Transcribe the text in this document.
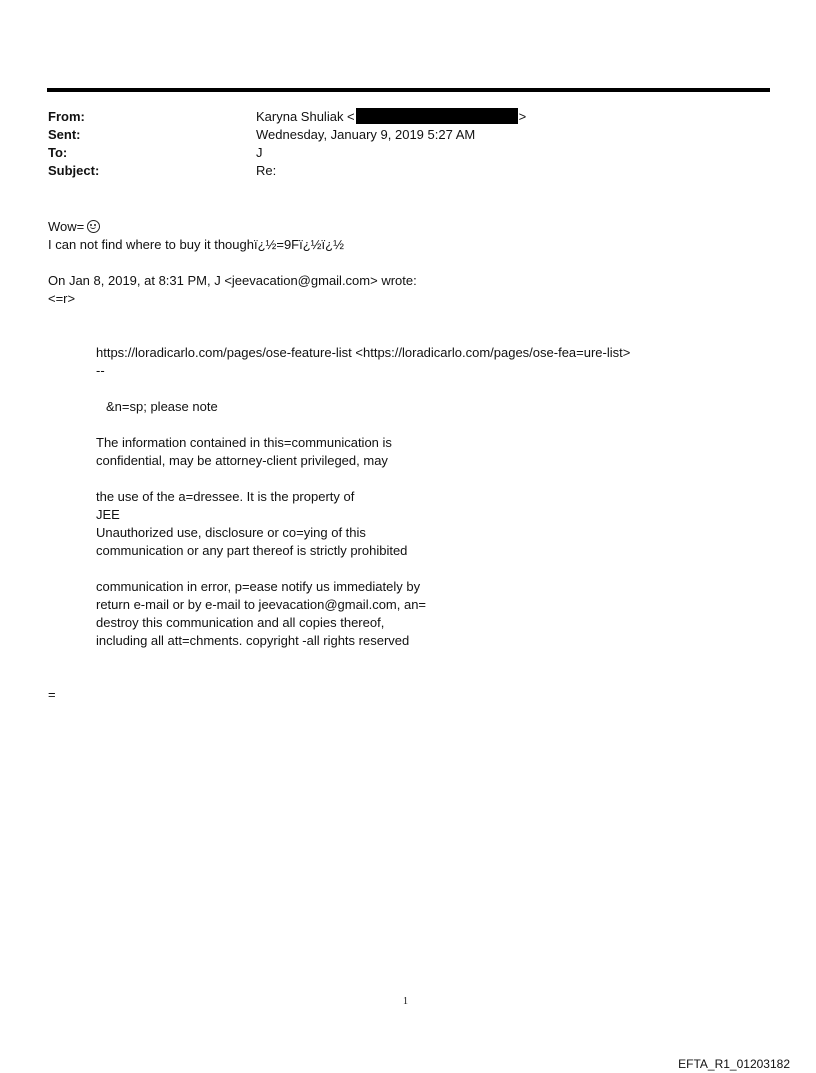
From:	Karyna Shuliak <	>
Sent:	Wednesday, January 9, 2019 5:27 AM
To:	J
Subject:	Re:
Wow=
I can not find where to buy it thoughï¿½=9Fï¿½ï¿½
On Jan 8, 2019, at 8:31 PM, J <jeevacation@gmail.com> wrote:
<=r>
https://loradicarlo.com/pages/ose-feature-list <https://loradicarlo.com/pages/ose-fea=ure-list>
--
&n=sp; please note
The information contained in this=communication is
confidential, may be attorney-client privileged, may
the use of the a=dressee. It is the property of
JEE
Unauthorized use, disclosure or co=ying of this
communication or any part thereof is strictly prohibited
communication in error, p=ease notify us immediately by
return e-mail or by e-mail to jeevacation@gmail.com, an=
destroy this communication and all copies thereof,
including all att=chments. copyright -all rights reserved
=
1
EFTA_R1_01203182
